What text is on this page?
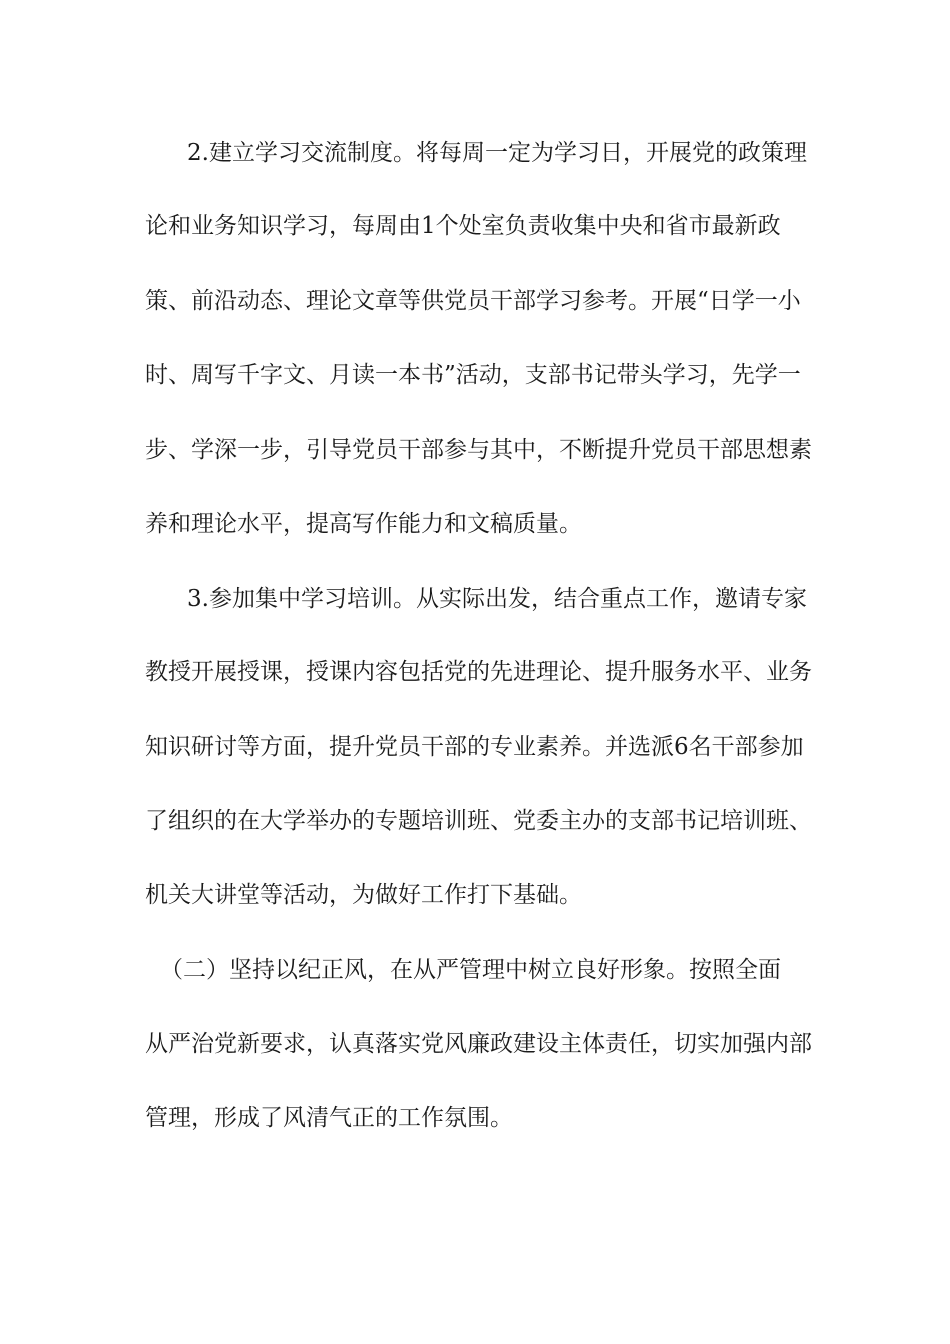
2.建立学习交流制度。将每周一定为学习日，开展党的政策理
论和业务知识学习，每周由1个处室负责收集中央和省市最新政
策、前沿动态、理论文章等供党员干部学习参考。开展“日学一小
时、周写千字文、月读一本书”活动，支部书记带头学习，先学一
步、学深一步，引导党员干部参与其中，不断提升党员干部思想素
养和理论水平，提高写作能力和文稿质量。
3.参加集中学习培训。从实际出发，结合重点工作，邀请专家
教授开展授课，授课内容包括党的先进理论、提升服务水平、业务
知识研讨等方面，提升党员干部的专业素养。并选派6名干部参加
了组织的在大学举办的专题培训班、党委主办的支部书记培训班、
机关大讲堂等活动，为做好工作打下基础。
（二）坚持以纪正风，在从严管理中树立良好形象。按照全面
从严治党新要求，认真落实党风廉政建设主体责任，切实加强内部
管理，形成了风清气正的工作氛围。
